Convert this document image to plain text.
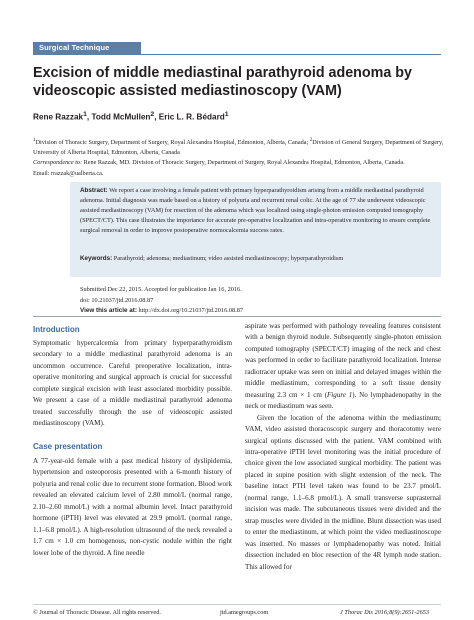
Surgical Technique
Excision of middle mediastinal parathyroid adenoma by videoscopic assisted mediastinoscopy (VAM)
Rene Razzak$^1$, Todd McMullen$^2$, Eric L. R. Bédard$^1$
$^1$Division of Thoracic Surgery, Department of Surgery, Royal Alexandra Hospital, Edmonton, Alberta, Canada; $^2$Division of General Surgery, Department of Surgery, University of Alberta Hospital, Edmonton, Alberta, Canada
Correspondence to: Rene Razzak, MD. Division of Thoracic Surgery, Department of Surgery, Royal Alexandra Hospital, Edmonton, Alberta, Canada.
Email: rrazzak@ualberta.ca.
Abstract: We report a case involving a female patient with primary hyperparathyroidism arising from a middle mediastinal parathyroid adenoma. Initial diagnosis was made based on a history of polyuria and recurrent renal colic. At the age of 77 she underwent videoscopic assisted mediastinoscopy (VAM) for resection of the adenoma which was localized using single-photon emission computed tomography (SPECT/CT). This case illustrates the importance for accurate pre-operative localization and intra-operative monitoring to ensure complete surgical removal in order to improve postoperative normocalcemia success rates.
Keywords: Parathyroid; adenoma; mediastinum; video assisted mediastinoscopy; hyperparathyroidism
Submitted Dec 22, 2015. Accepted for publication Jan 16, 2016.
doi: 10.21037/jtd.2016.08.87
View this article at: http://dx.doi.org/10.21037/jtd.2016.08.87
Introduction

Symptomatic hypercalcemia from primary hyperparathyroidism secondary to a middle mediastinal parathyroid adenoma is an uncommon occurrence. Careful preoperative localization, intra-operative monitoring and surgical approach is crucial for successful complete surgical excision with least associated morbidity possible. We present a case of a middle mediastinal parathyroid adenoma treated successfully through the use of videoscopic assisted mediastinoscopy (VAM).

Case presentation

A 77-year-old female with a past medical history of dyslipidemia, hypertension and osteoporosis presented with a 6-month history of polyuria and renal colic due to recurrent stone formation. Blood work revealed an elevated calcium level of 2.80 mmol/L (normal range, 2.10–2.60 mmol/L) with a normal albumin level. Intact parathyroid hormone (iPTH) level was elevated at 29.9 pmol/L (normal range, 1.1–6.8 pmol/L). A high-resolution ultrasound of the neck revealed a 1.7 cm × 1.0 cm homogenous, non-cystic nodule within the right lower lobe of the thyroid. A fine needle

aspirate was performed with pathology revealing features consistent with a benign thyroid nodule. Subsequently single-photon emission computed tomography (SPECT/CT) imaging of the neck and chest was performed in order to facilitate parathyroid localization. Intense radiotracer uptake was seen on initial and delayed images within the middle mediastinum, corresponding to a soft tissue density measuring 2.3 cm × 1 cm (Figure 1). No lymphadenopathy in the neck or mediastinum was seen.

Given the location of the adenoma within the mediastinum; VAM, video assisted thoracoscopic surgery and thoracotomy were surgical options discussed with the patient. VAM combined with intra-operative iPTH level monitoring was the initial procedure of choice given the low associated surgical morbidity. The patient was placed in supine position with slight extension of the neck. The baseline intact PTH level taken was found to be 23.7 pmol/L (normal range, 1.1–6.8 pmol/L). A small transverse suprasternal incision was made. The subcutaneous tissues were divided and the strap muscles were divided in the midline. Blunt dissection was used to enter the mediastinum, at which point the video mediastinoscope was inserted. No masses or lymphadenopathy was noted. Initial dissection included en bloc resection of the 4R lymph node station. This allowed for

© Journal of Thoracic Disease. All rights reserved.	jtd.amegroups.com	J Thorac Dis 2016;8(9):2651-2653
